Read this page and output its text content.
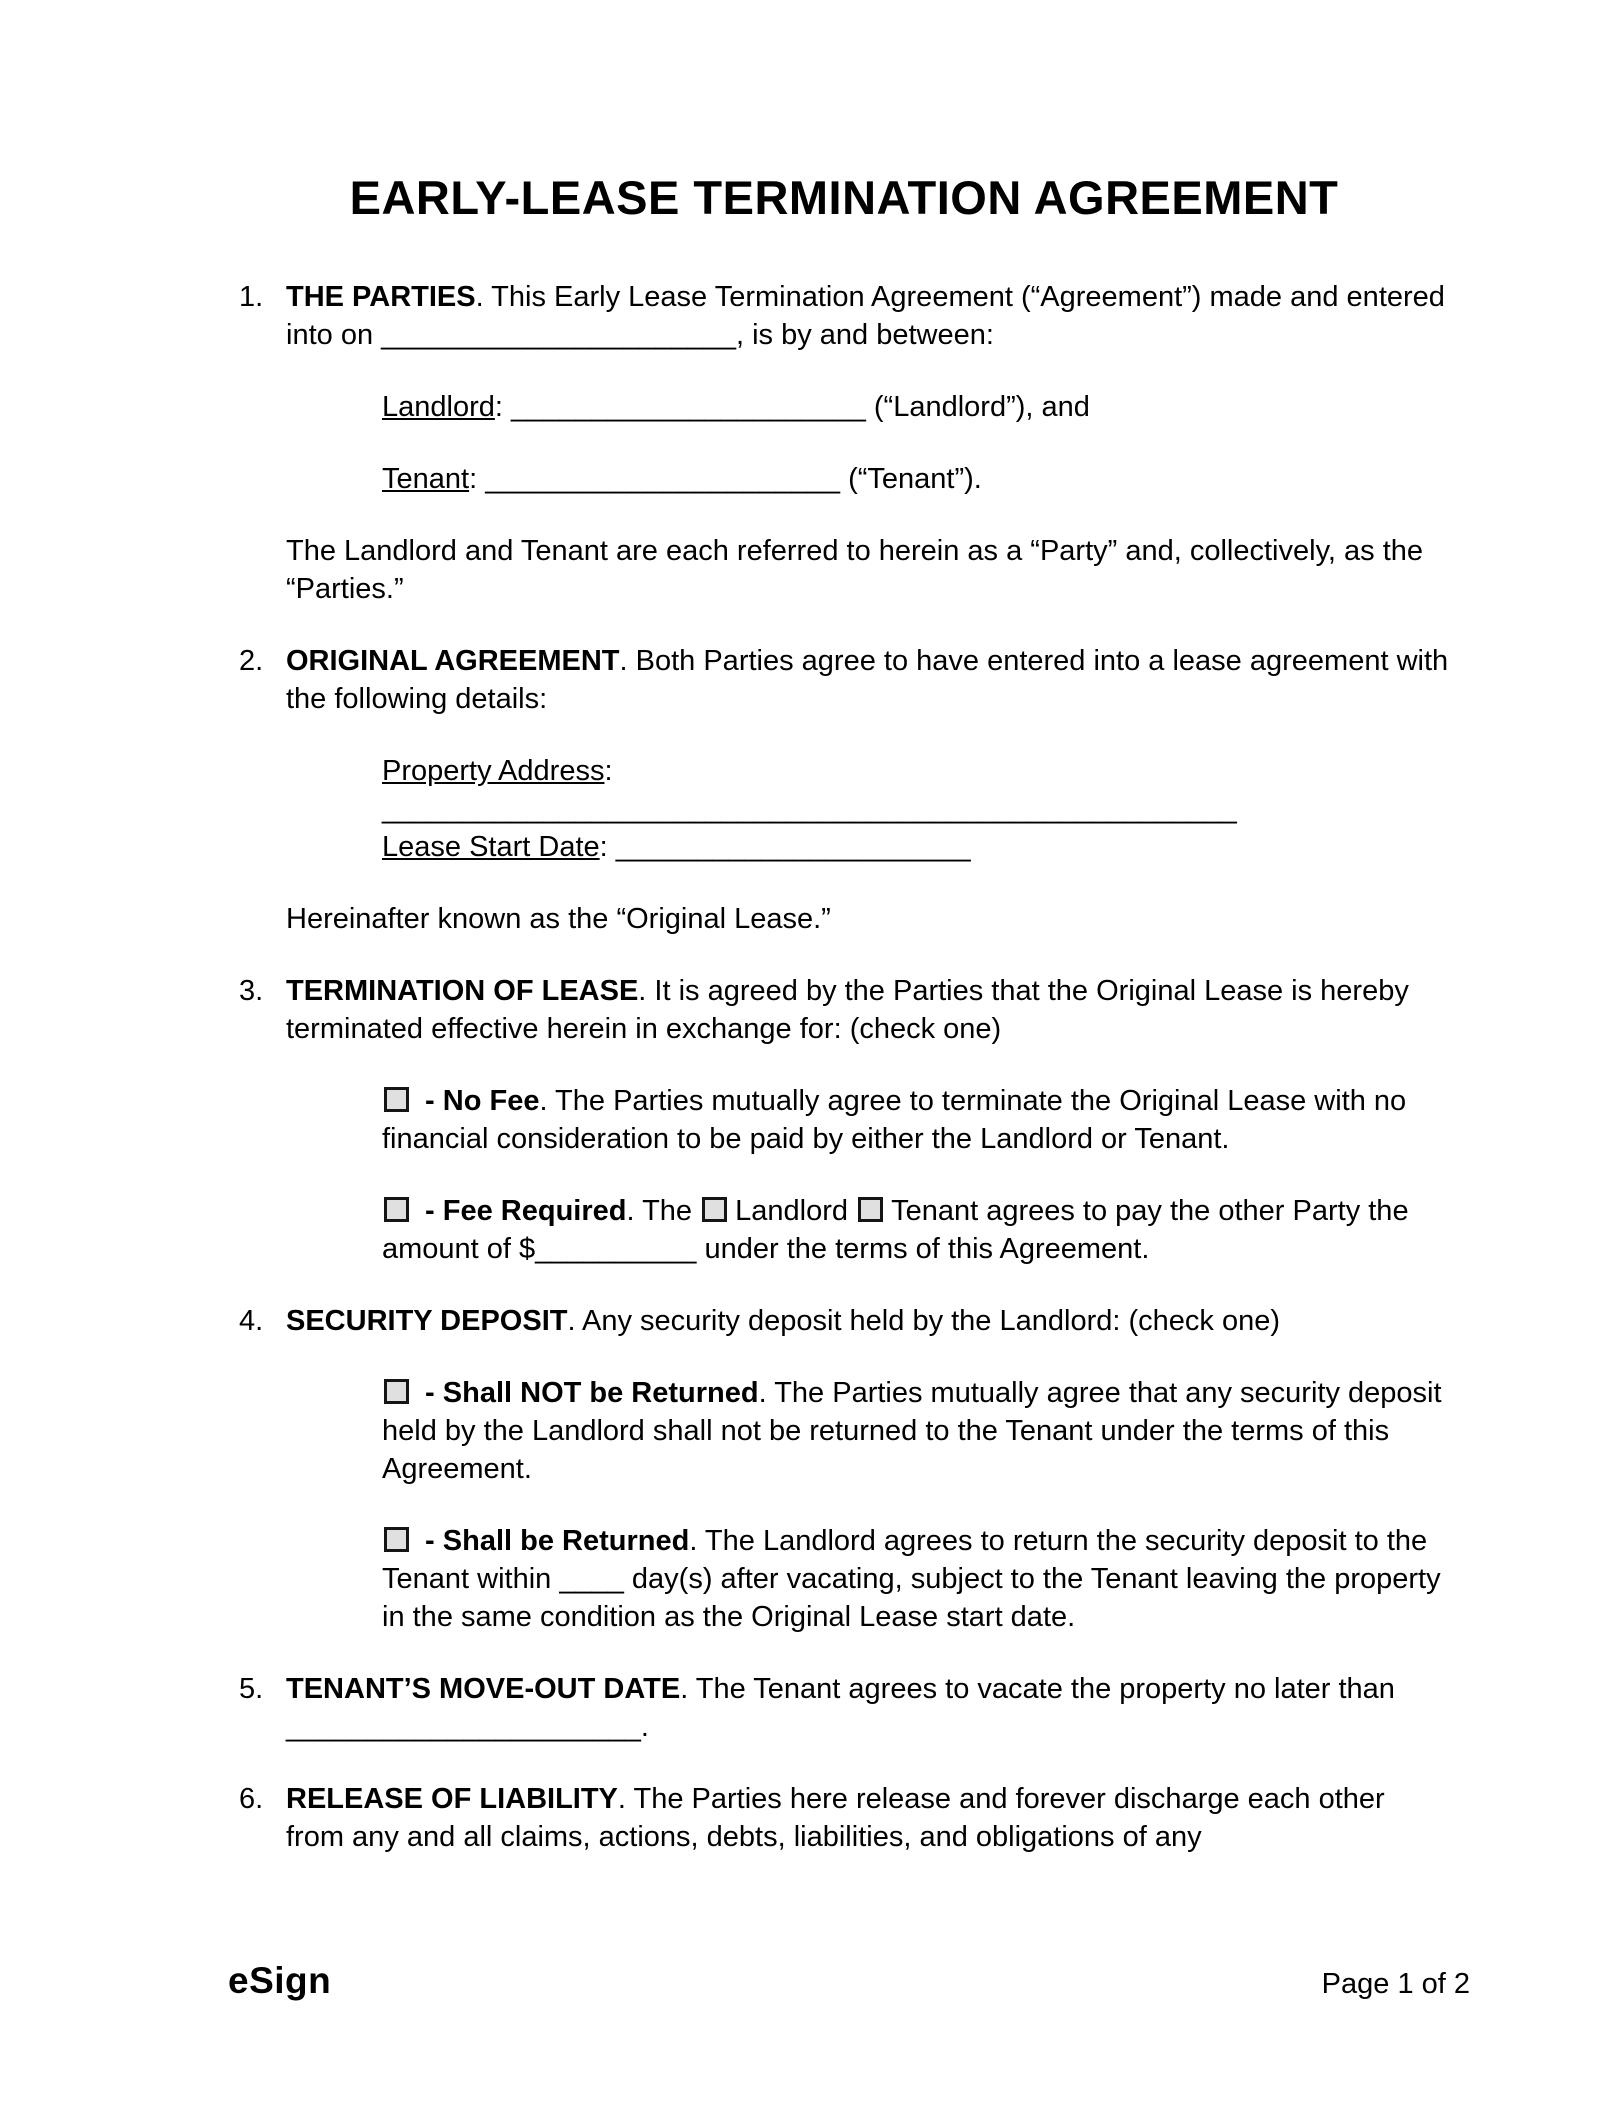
EARLY-LEASE TERMINATION AGREEMENT
1. THE PARTIES. This Early Lease Termination Agreement (“Agreement”) made and entered into on ______________________, is by and between:

Landlord: ______________________ (“Landlord”), and
Tenant: ______________________ (“Tenant”).

The Landlord and Tenant are each referred to herein as a “Party” and, collectively, as the “Parties.”

2. ORIGINAL AGREEMENT. Both Parties agree to have entered into a lease agreement with the following details:

Property Address: _____________________________________________________
Lease Start Date: ______________________

Hereinafter known as the “Original Lease.”

3. TERMINATION OF LEASE. It is agreed by the Parties that the Original Lease is hereby terminated effective herein in exchange for: (check one)

- No Fee. The Parties mutually agree to terminate the Original Lease with no financial consideration to be paid by either the Landlord or Tenant.
- Fee Required. The Landlord Tenant agrees to pay the other Party the amount of $__________ under the terms of this Agreement.
4. SECURITY DEPOSIT. Any security deposit held by the Landlord: (check one)

- Shall NOT be Returned. The Parties mutually agree that any security deposit held by the Landlord shall not be returned to the Tenant under the terms of this Agreement.
- Shall be Returned. The Landlord agrees to return the security deposit to the Tenant within ____ day(s) after vacating, subject to the Tenant leaving the property in the same condition as the Original Lease start date.
5. TENANT’S MOVE-OUT DATE. The Tenant agrees to vacate the property no later than ______________________.

6. RELEASE OF LIABILITY. The Parties here release and forever discharge each other from any and all claims, actions, debts, liabilities, and obligations of any

eSign	Page 1 of 2
